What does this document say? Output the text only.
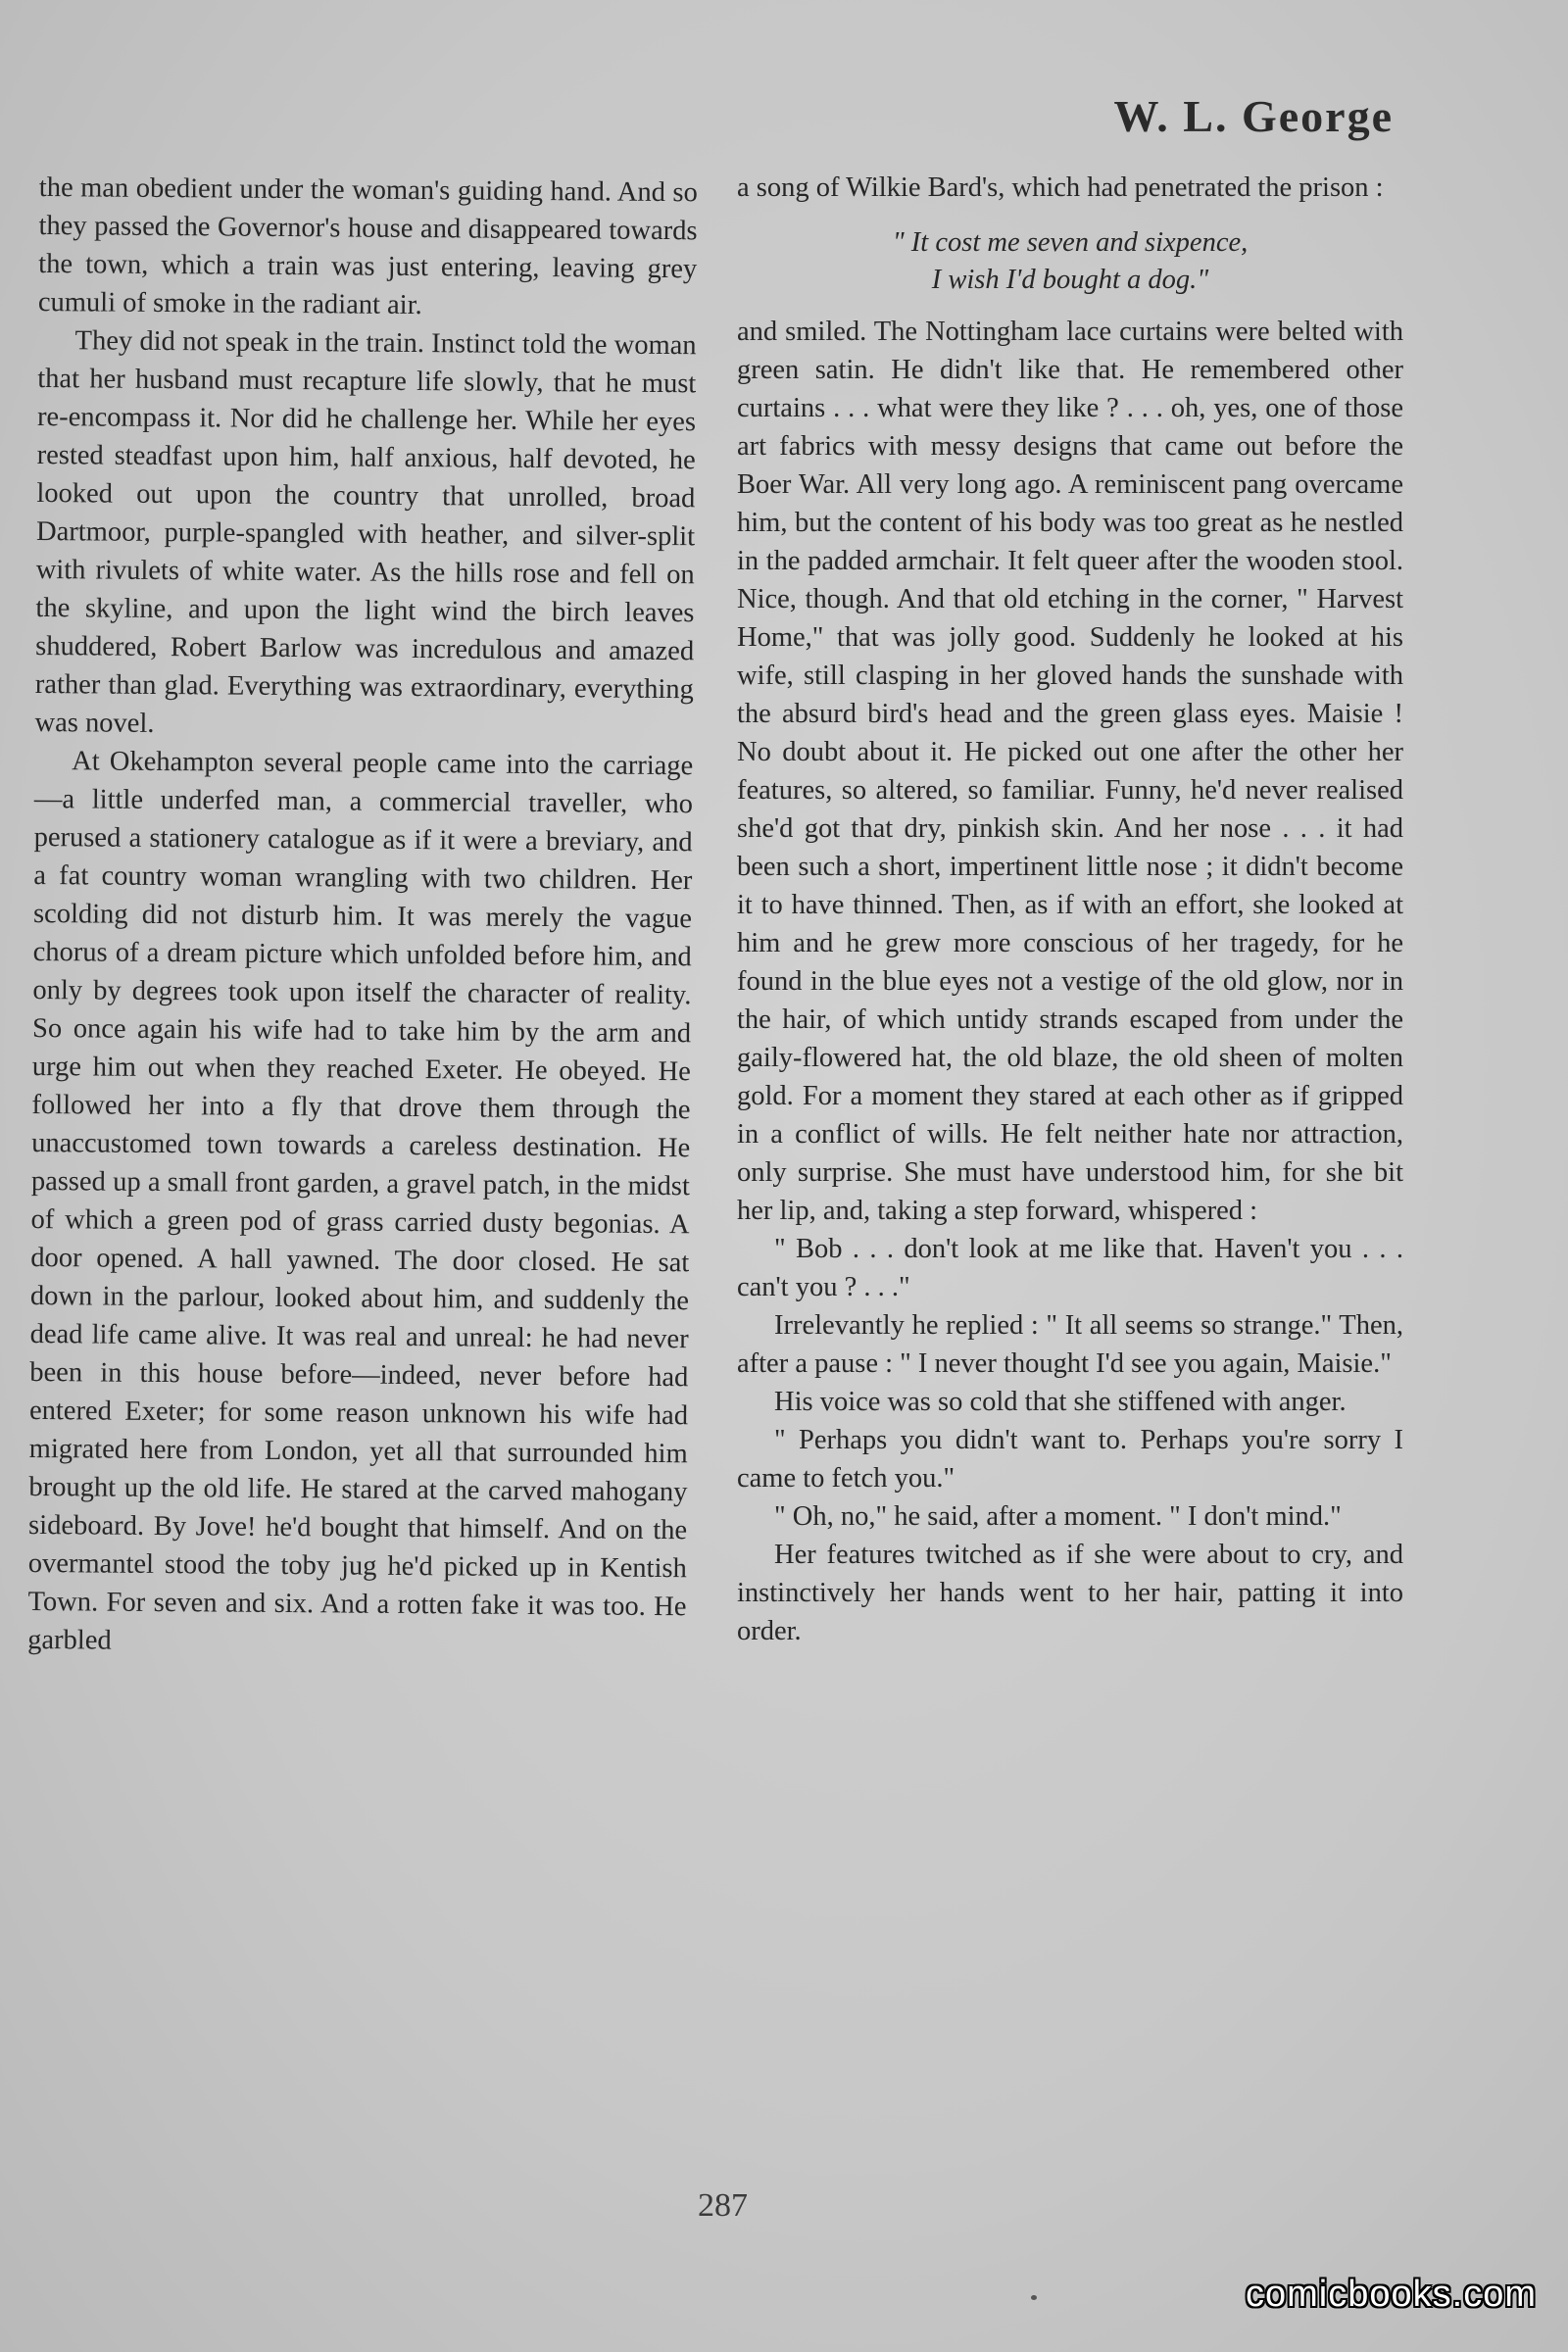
W. L. George

the man obedient under the woman's guiding hand. And so they passed the Governor's house and disappeared towards the town, which a train was just entering, leaving grey cumuli of smoke in the radiant air.

They did not speak in the train. Instinct told the woman that her husband must recapture life slowly, that he must re-encompass it. Nor did he challenge her. While her eyes rested steadfast upon him, half anxious, half devoted, he looked out upon the country that unrolled, broad Dartmoor, purple-spangled with heather, and silver-split with rivulets of white water. As the hills rose and fell on the skyline, and upon the light wind the birch leaves shuddered, Robert Barlow was incredulous and amazed rather than glad. Everything was extraordinary, everything was novel.

At Okehampton several people came into the carriage—a little underfed man, a commercial traveller, who perused a stationery catalogue as if it were a breviary, and a fat country woman wrangling with two children. Her scolding did not disturb him. It was merely the vague chorus of a dream picture which unfolded before him, and only by degrees took upon itself the character of reality. So once again his wife had to take him by the arm and urge him out when they reached Exeter. He obeyed. He followed her into a fly that drove them through the unaccustomed town towards a careless destination. He passed up a small front garden, a gravel patch, in the midst of which a green pod of grass carried dusty begonias. A door opened. A hall yawned. The door closed. He sat down in the parlour, looked about him, and suddenly the dead life came alive. It was real and unreal: he had never been in this house before—indeed, never before had entered Exeter; for some reason unknown his wife had migrated here from London, yet all that surrounded him brought up the old life. He stared at the carved mahogany sideboard. By Jove! he'd bought that himself. And on the overmantel stood the toby jug he'd picked up in Kentish Town. For seven and six. And a rotten fake it was too. He garbled

a song of Wilkie Bard's, which had penetrated the prison :

" It cost me seven and sixpence,
I wish I'd bought a dog."

and smiled. The Nottingham lace curtains were belted with green satin. He didn't like that. He remembered other curtains . . . what were they like ? . . . oh, yes, one of those art fabrics with messy designs that came out before the Boer War. All very long ago. A reminiscent pang overcame him, but the content of his body was too great as he nestled in the padded armchair. It felt queer after the wooden stool. Nice, though. And that old etching in the corner, " Harvest Home," that was jolly good. Suddenly he looked at his wife, still clasping in her gloved hands the sunshade with the absurd bird's head and the green glass eyes. Maisie ! No doubt about it. He picked out one after the other her features, so altered, so familiar. Funny, he'd never realised she'd got that dry, pinkish skin. And her nose . . . it had been such a short, impertinent little nose ; it didn't become it to have thinned. Then, as if with an effort, she looked at him and he grew more conscious of her tragedy, for he found in the blue eyes not a vestige of the old glow, nor in the hair, of which untidy strands escaped from under the gaily-flowered hat, the old blaze, the old sheen of molten gold. For a moment they stared at each other as if gripped in a conflict of wills. He felt neither hate nor attraction, only surprise. She must have understood him, for she bit her lip, and, taking a step forward, whispered :

" Bob . . . don't look at me like that. Haven't you . . . can't you ? . . ."

Irrelevantly he replied : " It all seems so strange." Then, after a pause : " I never thought I'd see you again, Maisie."

His voice was so cold that she stiffened with anger.

" Perhaps you didn't want to. Perhaps you're sorry I came to fetch you."

" Oh, no," he said, after a moment. " I don't mind."

Her features twitched as if she were about to cry, and instinctively her hands went to her hair, patting it into order.

287
comicbooks.com
